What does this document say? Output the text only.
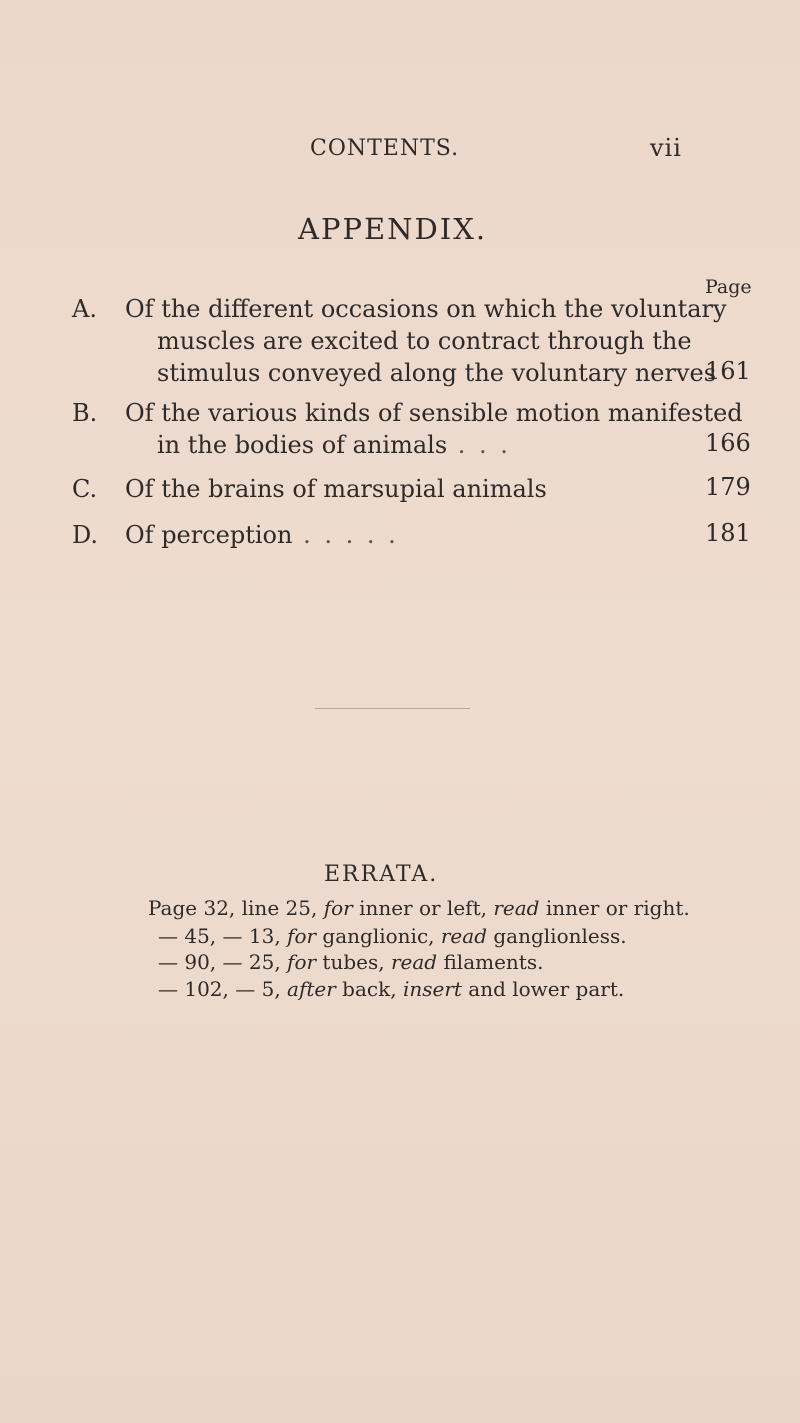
CONTENTS.	vii
APPENDIX.
Page
A. Of the different occasions on which the voluntary
muscles are excited to contract through the
stimulus conveyed along the voluntary nerves
161
B. Of the various kinds of sensible motion manifested
in the bodies of animals . . .	166
C. Of the brains of marsupial animals	179
D. Of perception . . . . .	181
ERRATA.
Page 32, line 25, for inner or left, read inner or right.
— 45, — 13, for ganglionic, read ganglionless.
— 90, — 25, for tubes, read filaments.
— 102, — 5, after back, insert and lower part.
